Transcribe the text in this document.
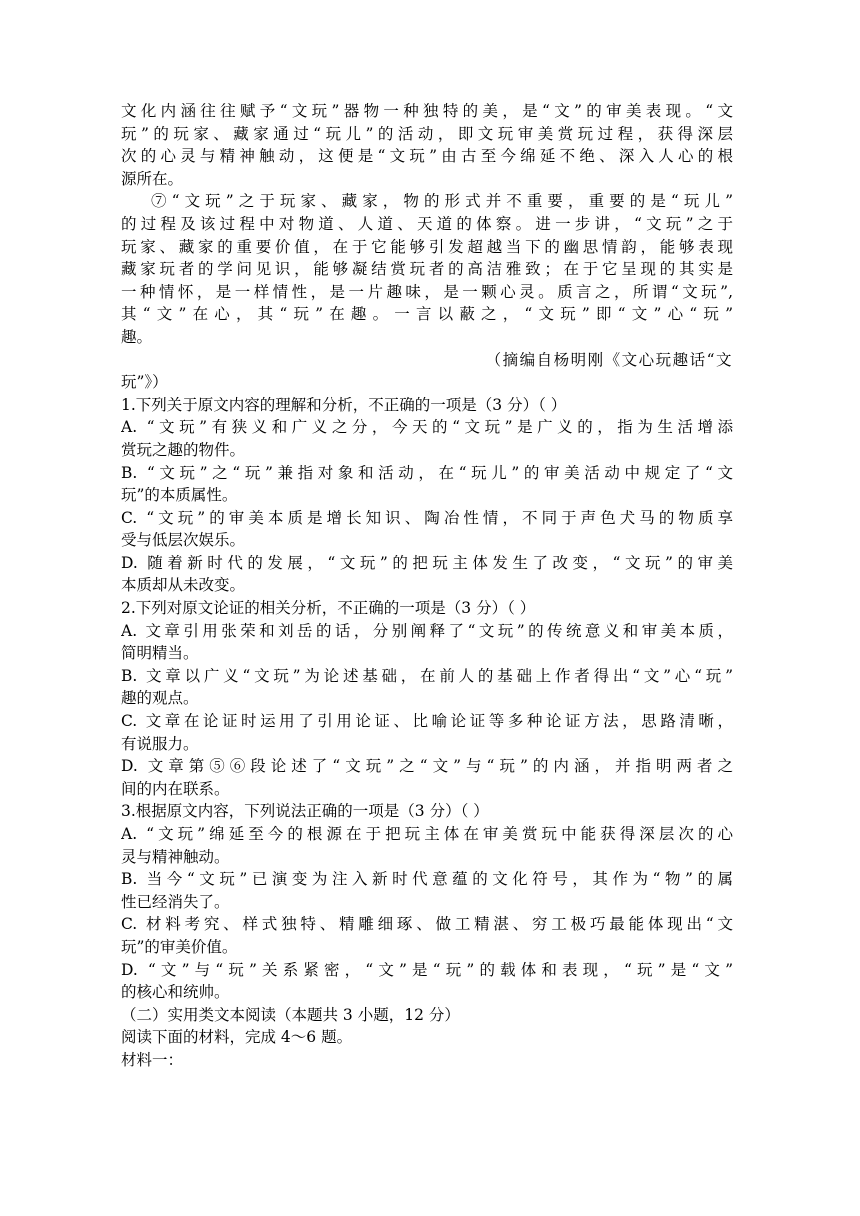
文化内涵往往赋予“文玩”器物一种独特的美，是“文”的审美表现。“文
玩”的玩家、藏家通过“玩儿”的活动，即文玩审美赏玩过程，获得深层
次的心灵与精神触动，这便是“文玩”由古至今绵延不绝、深入人心的根
源所在。
⑦“文玩”之于玩家、藏家，物的形式并不重要，重要的是“玩儿”
的过程及该过程中对物道、人道、天道的体察。进一步讲，“文玩”之于
玩家、藏家的重要价值，在于它能够引发超越当下的幽思情韵，能够表现
藏家玩者的学问见识，能够凝结赏玩者的高洁雅致；在于它呈现的其实是
一种情怀，是一样情性，是一片趣味，是一颗心灵。质言之，所谓“文玩”,
其“文”在心，其“玩”在趣。一言以蔽之，“文玩”即“文”心“玩”
趣。
（摘编自杨明刚《文心玩趣话“文
玩”》）
1.下列关于原文内容的理解和分析，不正确的一项是（3 分）（ ）
A. “文玩”有狭义和广义之分，今天的“文玩”是广义的，指为生活增添
赏玩之趣的物件。
B. “文玩”之“玩”兼指对象和活动，在“玩儿”的审美活动中规定了“文
玩”的本质属性。
C. “文玩”的审美本质是增长知识、陶冶性情，不同于声色犬马的物质享
受与低层次娱乐。
D. 随着新时代的发展，“文玩”的把玩主体发生了改变，“文玩”的审美
本质却从未改变。
2.下列对原文论证的相关分析，不正确的一项是（3 分）（ ）
A. 文章引用张荣和刘岳的话，分别阐释了“文玩”的传统意义和审美本质，
简明精当。
B. 文章以广义“文玩”为论述基础，在前人的基础上作者得出“文”心“玩”
趣的观点。
C. 文章在论证时运用了引用论证、比喻论证等多种论证方法，思路清晰，
有说服力。
D. 文章第⑤⑥段论述了“文玩”之“文”与“玩”的内涵，并指明两者之
间的内在联系。
3.根据原文内容，下列说法正确的一项是（3 分）（ ）
A. “文玩”绵延至今的根源在于把玩主体在审美赏玩中能获得深层次的心
灵与精神触动。
B. 当今“文玩”已演变为注入新时代意蕴的文化符号，其作为“物”的属
性已经消失了。
C. 材料考究、样式独特、精雕细琢、做工精湛、穷工极巧最能体现出“文
玩”的审美价值。
D. “文”与“玩”关系紧密，“文”是“玩”的载体和表现，“玩”是“文”
的核心和统帅。
（二）实用类文本阅读（本题共 3 小题，12 分）
阅读下面的材料，完成 4～6 题。
材料一：
